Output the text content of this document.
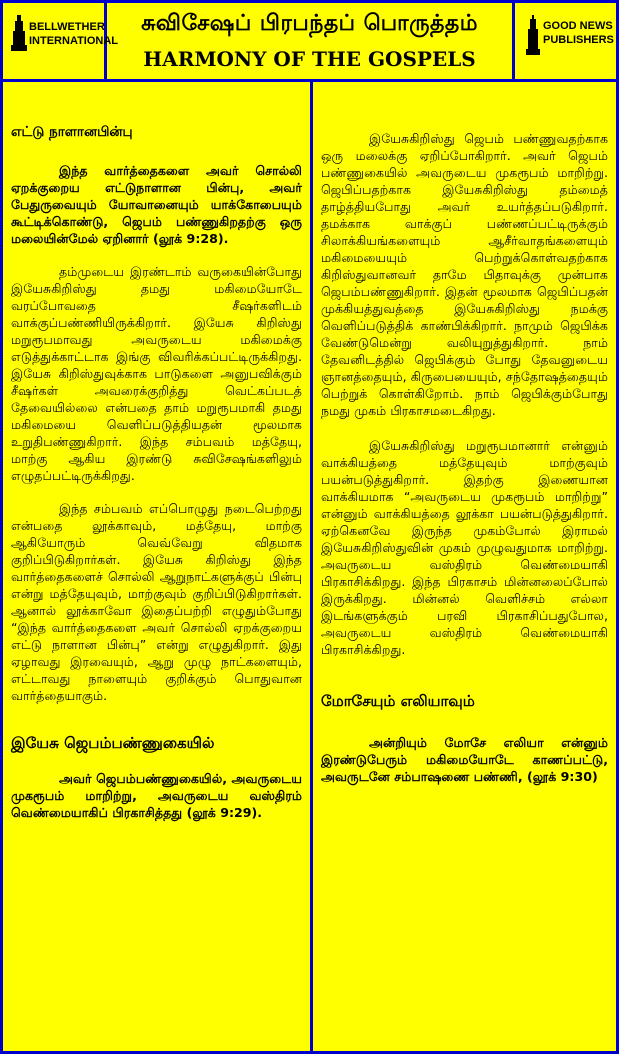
BELLWETHER
INTERNATIONAL
சுவிசேஷப் பிரபந்தப் பொருத்தம்
HARMONY OF THE GOSPELS
GOOD NEWS
PUBLISHERS
எட்டு நாளானபின்பு

இந்த வார்த்தைகளை அவர் சொல்லி ஏறக்குறைய எட்டுநாளான பின்பு, அவர் பேதுருவையும் யோவானையும் யாக்கோபையும் கூட்டிக்கொண்டு, ஜெபம் பண்ணுகிறதற்கு ஒரு மலையின்மேல் ஏறினார் (லூக் 9:28).

தம்முடைய இரண்டாம் வருகையின்போது இயேசுகிறிஸ்து தமது மகிமையோடே வரப்போவதை சீஷர்களிடம் வாக்குப்பண்ணியிருக்கிறார். இயேசு கிறிஸ்து மறுரூபமாவது அவருடைய மகிமைக்கு எடுத்துக்காட்டாக இங்கு விவரிக்கப்பட்டிருக்கிறது. இயேசு கிறிஸ்துவுக்காக பாடுகளை அனுபவிக்கும் சீஷர்கள் அவரைக்குறித்து வெட்கப்படத் தேவையில்லை என்பதை தாம் மறுரூபமாகி தமது மகிமையை வெளிப்படுத்தியதன் மூலமாக உறுதிபண்ணுகிறார். இந்த சம்பவம் மத்தேயு, மாற்கு ஆகிய இரண்டு சுவிசேஷங்களிலும் எழுதப்பட்டிருக்கிறது.

இந்த சம்பவம் எப்பொழுது நடைபெற்றது என்பதை லூக்காவும், மத்தேயு, மாற்கு ஆகியோரும் வெவ்வேறு விதமாக குறிப்பிடுகிறார்கள். இயேசு கிறிஸ்து இந்த வார்த்தைகளைச் சொல்லி ஆறுநாட்களுக்குப் பின்பு என்று மத்தேயுவும், மாற்குவும் குறிப்பிடுகிறார்கள். ஆனால் லூக்காவோ இதைப்பற்றி எழுதும்போது “இந்த வார்த்தைகளை அவர் சொல்லி ஏறக்குறைய எட்டு நாளான பின்பு” என்று எழுதுகிறார். இது ஏழாவது இரவையும், ஆறு முழு நாட்களையும், எட்டாவது நாளையும் குறிக்கும் பொதுவான வார்த்தையாகும்.

இயேசு ஜெபம்பண்ணுகையில்

அவர் ஜெபம்பண்ணுகையில், அவருடைய முகரூபம் மாறிற்று, அவருடைய வஸ்திரம் வெண்மையாகிப் பிரகாசித்தது (லூக் 9:29).

இயேசுகிறிஸ்து ஜெபம் பண்ணுவதற்காக ஒரு மலைக்கு ஏறிப்போகிறார். அவர் ஜெபம் பண்ணுகையில் அவருடைய முகரூபம் மாறிற்று. ஜெபிப்பதற்காக இயேசுகிறிஸ்து தம்மைத் தாழ்த்தியபோது அவர் உயர்த்தப்படுகிறார். தமக்காக வாக்குப் பண்ணப்பட்டிருக்கும் சிலாக்கியங்களையும் ஆசீர்வாதங்களையும் மகிமையையும் பெற்றுக்கொள்வதற்காக கிறிஸ்துவானவர் தாமே பிதாவுக்கு முன்பாக ஜெபம்பண்ணுகிறார். இதன் மூலமாக ஜெபிப்பதன் முக்கியத்துவத்தை இயேசுகிறிஸ்து நமக்கு வெளிப்படுத்திக் காண்பிக்கிறார். நாமும் ஜெபிக்க வேண்டுமென்று வலியுறுத்துகிறார். நாம் தேவனிடத்தில் ஜெபிக்கும் போது தேவனுடைய ஞானத்தையும், கிருபையையும், சந்தோஷத்தையும் பெற்றுக் கொள்கிறோம். நாம் ஜெபிக்கும்போது நமது முகம் பிரகாசமடைகிறது.

இயேசுகிறிஸ்து மறுரூபமானார் என்னும் வாக்கியத்தை மத்தேயுவும் மாற்குவும் பயன்படுத்துகிறார். இதற்கு இணையான வாக்கியமாக “அவருடைய முகரூபம் மாறிற்று” என்னும் வாக்கியத்தை லூக்கா பயன்படுத்துகிறார். ஏற்கெனவே இருந்த முகம்போல் இராமல் இயேசுகிறிஸ்துவின் முகம் முழுவதுமாக மாறிற்று. அவருடைய வஸ்திரம் வெண்மையாகி பிரகாசிக்கிறது. இந்த பிரகாசம் மின்னலைப்போல் இருக்கிறது. மின்னல் வெளிச்சம் எல்லா இடங்களுக்கும் பரவி பிரகாசிப்பதுபோல, அவருடைய வஸ்திரம் வெண்மையாகி பிரகாசிக்கிறது.

மோசேயும் எலியாவும்

அன்றியும் மோசே எலியா என்னும் இரண்டுபேரும் மகிமையோடே காணப்பட்டு, அவருடனே சம்பாஷணை பண்ணி, (லூக் 9:30)
